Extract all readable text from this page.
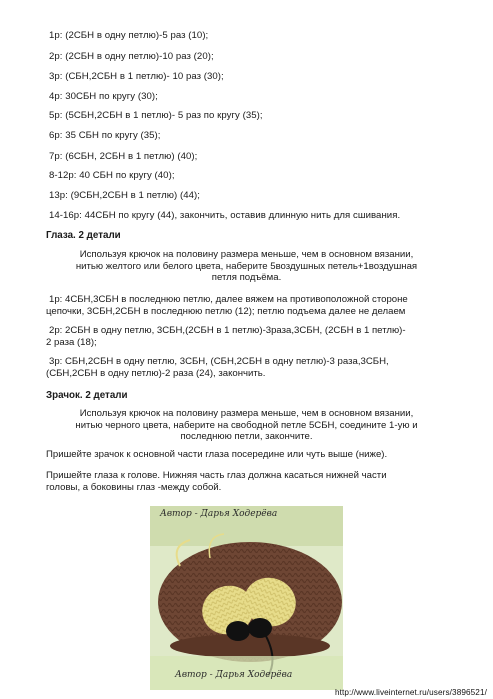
1р: (2СБН в одну петлю)-5 раз (10);
2р: (2СБН в одну петлю)-10 раз (20);
3р: (СБН,2СБН в 1 петлю)- 10 раз (30);
4р: 30СБН по кругу (30);
5р: (5СБН,2СБН в 1 петлю)- 5 раз по кругу (35);
6р: 35 СБН по кругу (35);
7р: (6СБН, 2СБН в 1 петлю) (40);
8-12р: 40 СБН по кругу (40);
13р: (9СБН,2СБН в 1 петлю) (44);
14-16р: 44СБН по кругу (44), закончить, оставив длинную нить для сшивания.
Глаза. 2 детали
Используя крючок на половину размера меньше, чем в основном вязании,
нитью желтого или белого цвета, наберите 5воздушных петель+1воздушная
петля подъёма.
1р: 4СБН,3СБН в последнюю петлю, далее вяжем на противоположной стороне
цепочки, 3СБН,2СБН в последнюю петлю (12); петлю подъема далее не делаем
2р: 2СБН в одну петлю, 3СБН,(2СБН в 1 петлю)-3раза,3СБН, (2СБН в 1 петлю)-
2 раза (18);
3р: СБН,2СБН в одну петлю, 3СБН, (СБН,2СБН в одну петлю)-3 раза,3СБН,
(СБН,2СБН в одну петлю)-2 раза (24), закончить.
Зрачок. 2 детали
Используя крючок на половину размера меньше, чем в основном вязании,
нитью черного цвета, наберите на свободной петле 5СБН, соедините 1-ую и
последнюю петли, закончите.
Пришейте зрачок к основной части глаза посередине или чуть выше (ниже).
Пришейте глаза к голове. Нижняя часть глаз должна касаться нижней части
головы, а боковины глаз -между собой.
Автор - Дарья Ходерёва
Автор - Дарья Ходерёва
http://www.liveinternet.ru/users/3896521/
